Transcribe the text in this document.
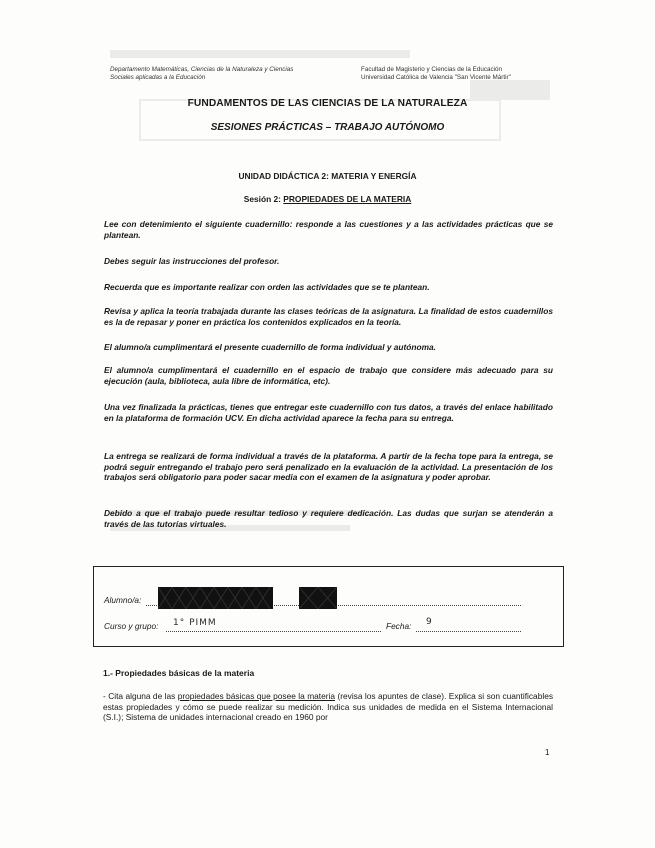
Departamento Matemáticas, Ciencias de la Naturaleza y Ciencias
Sociales aplicadas a la Educación
Facultad de Magisterio y Ciencias de la Educación
Universidad Católica de Valencia "San Vicente Mártir"
FUNDAMENTOS DE LAS CIENCIAS DE LA NATURALEZA
SESIONES PRÁCTICAS – TRABAJO AUTÓNOMO
UNIDAD DIDÁCTICA 2: MATERIA Y ENERGÍA
Sesión 2: PROPIEDADES DE LA MATERIA

Lee con detenimiento el siguiente cuadernillo: responde a las cuestiones y a las actividades prácticas que se plantean.

Debes seguir las instrucciones del profesor.

Recuerda que es importante realizar con orden las actividades que se te plantean.

Revisa y aplica la teoría trabajada durante las clases teóricas de la asignatura. La finalidad de estos cuadernillos es la de repasar y poner en práctica los contenidos explicados en la teoría.

El alumno/a cumplimentará el presente cuadernillo de forma individual y autónoma.

El alumno/a cumplimentará el cuadernillo en el espacio de trabajo que considere más adecuado para su ejecución (aula, biblioteca, aula libre de informática, etc).

Una vez finalizada la prácticas, tienes que entregar este cuadernillo con tus datos, a través del enlace habilitado en la plataforma de formación UCV. En dicha actividad aparece la fecha para su entrega.

La entrega se realizará de forma individual a través de la plataforma. A partir de la fecha tope para la entrega, se podrá seguir entregando el trabajo pero será penalizado en la evaluación de la actividad. La presentación de los trabajos será obligatorio para poder sacar media con el examen de la asignatura y poder aprobar.

Debido a que el trabajo puede resultar tedioso y requiere dedicación. Las dudas que surjan se atenderán a través de las tutorías virtuales.

Alumno/a:
Curso y grupo: 1° PIMM	Fecha: 9
1.- Propiedades básicas de la materia

- Cita alguna de las propiedades básicas que posee la materia (revisa los apuntes de clase). Explica si son cuantificables estas propiedades y cómo se puede realizar su medición. Indica sus unidades de medida en el Sistema Internacional (S.I.); Sistema de unidades internacional creado en 1960 por

1
